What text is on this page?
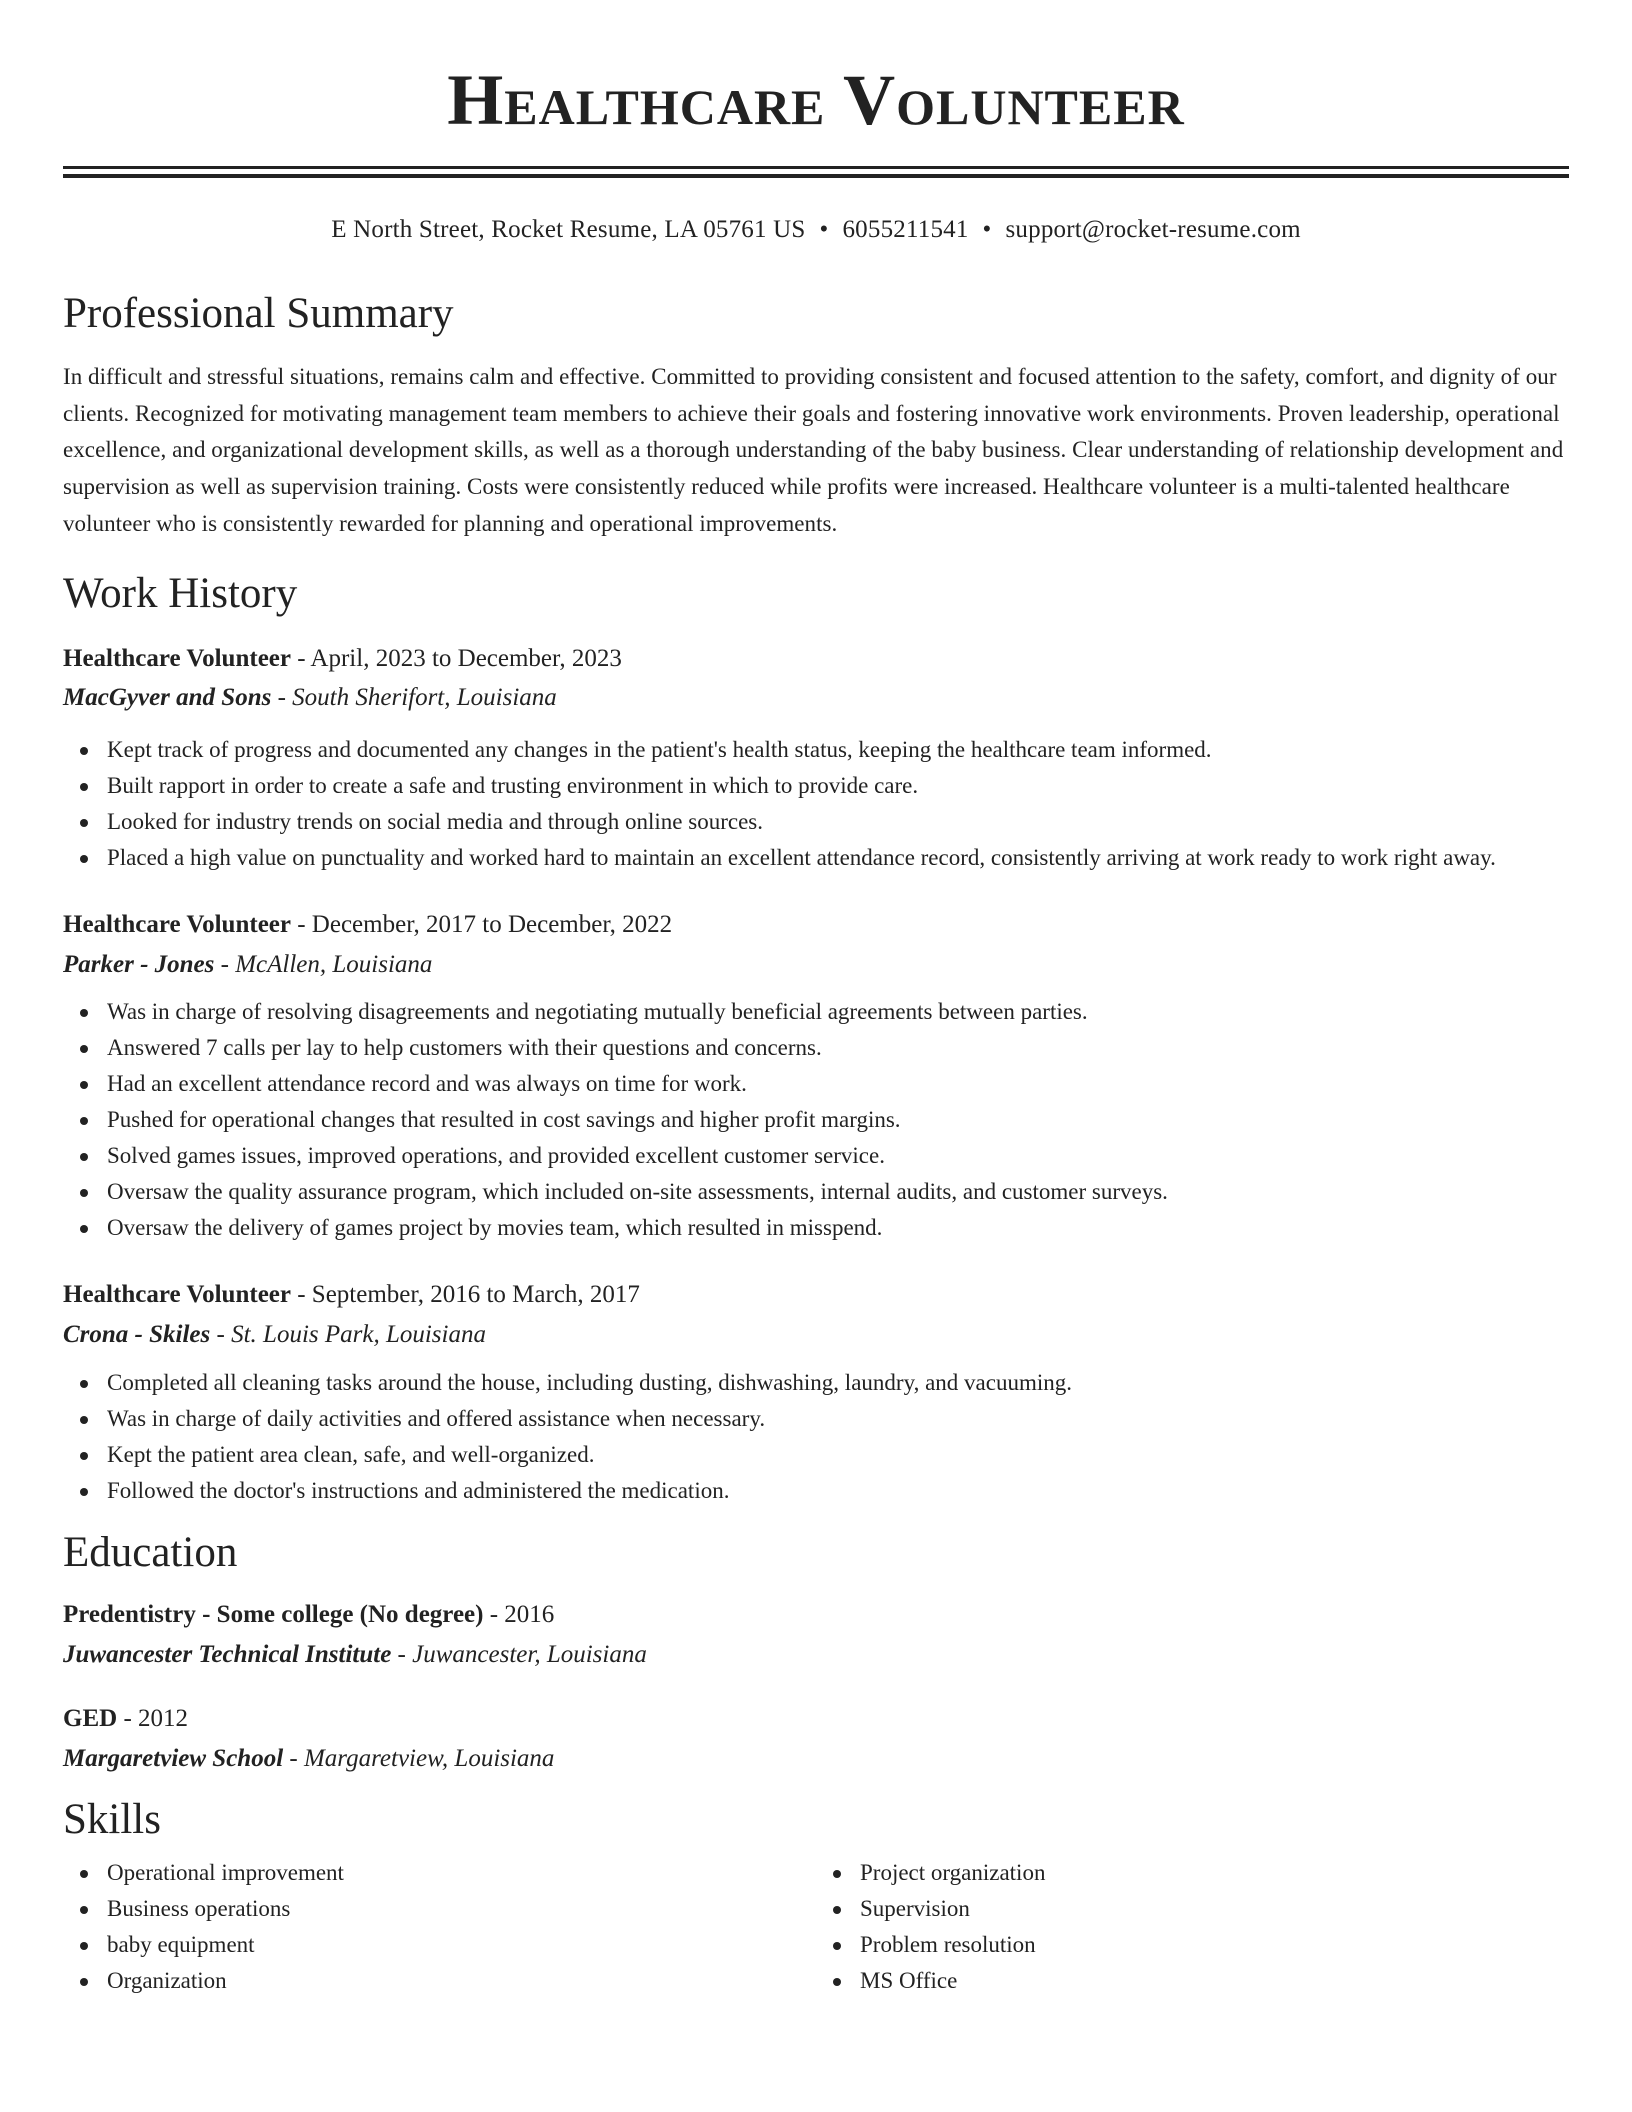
Healthcare Volunteer
E North Street, Rocket Resume, LA 05761 US • 6055211541 • support@rocket-resume.com
Professional Summary

In difficult and stressful situations, remains calm and effective. Committed to providing consistent and focused attention to the safety, comfort, and dignity of our clients. Recognized for motivating management team members to achieve their goals and fostering innovative work environments. Proven leadership, operational excellence, and organizational development skills, as well as a thorough understanding of the baby business. Clear understanding of relationship development and supervision as well as supervision training. Costs were consistently reduced while profits were increased. Healthcare volunteer is a multi-talented healthcare volunteer who is consistently rewarded for planning and operational improvements.

Work History
Healthcare Volunteer - April, 2023 to December, 2023
MacGyver and Sons - South Sherifort, Louisiana
Kept track of progress and documented any changes in the patient's health status, keeping the healthcare team informed.
Built rapport in order to create a safe and trusting environment in which to provide care.
Looked for industry trends on social media and through online sources.
Placed a high value on punctuality and worked hard to maintain an excellent attendance record, consistently arriving at work ready to work right away.
Healthcare Volunteer - December, 2017 to December, 2022
Parker - Jones - McAllen, Louisiana
Was in charge of resolving disagreements and negotiating mutually beneficial agreements between parties.
Answered 7 calls per lay to help customers with their questions and concerns.
Had an excellent attendance record and was always on time for work.
Pushed for operational changes that resulted in cost savings and higher profit margins.
Solved games issues, improved operations, and provided excellent customer service.
Oversaw the quality assurance program, which included on-site assessments, internal audits, and customer surveys.
Oversaw the delivery of games project by movies team, which resulted in misspend.
Healthcare Volunteer - September, 2016 to March, 2017
Crona - Skiles - St. Louis Park, Louisiana
Completed all cleaning tasks around the house, including dusting, dishwashing, laundry, and vacuuming.
Was in charge of daily activities and offered assistance when necessary.
Kept the patient area clean, safe, and well-organized.
Followed the doctor's instructions and administered the medication.
Education
Predentistry - Some college (No degree) - 2016
Juwancester Technical Institute - Juwancester, Louisiana
GED - 2012
Margaretview School - Margaretview, Louisiana
Skills
Operational improvement
Business operations
baby equipment
Organization
Project organization
Supervision
Problem resolution
MS Office
